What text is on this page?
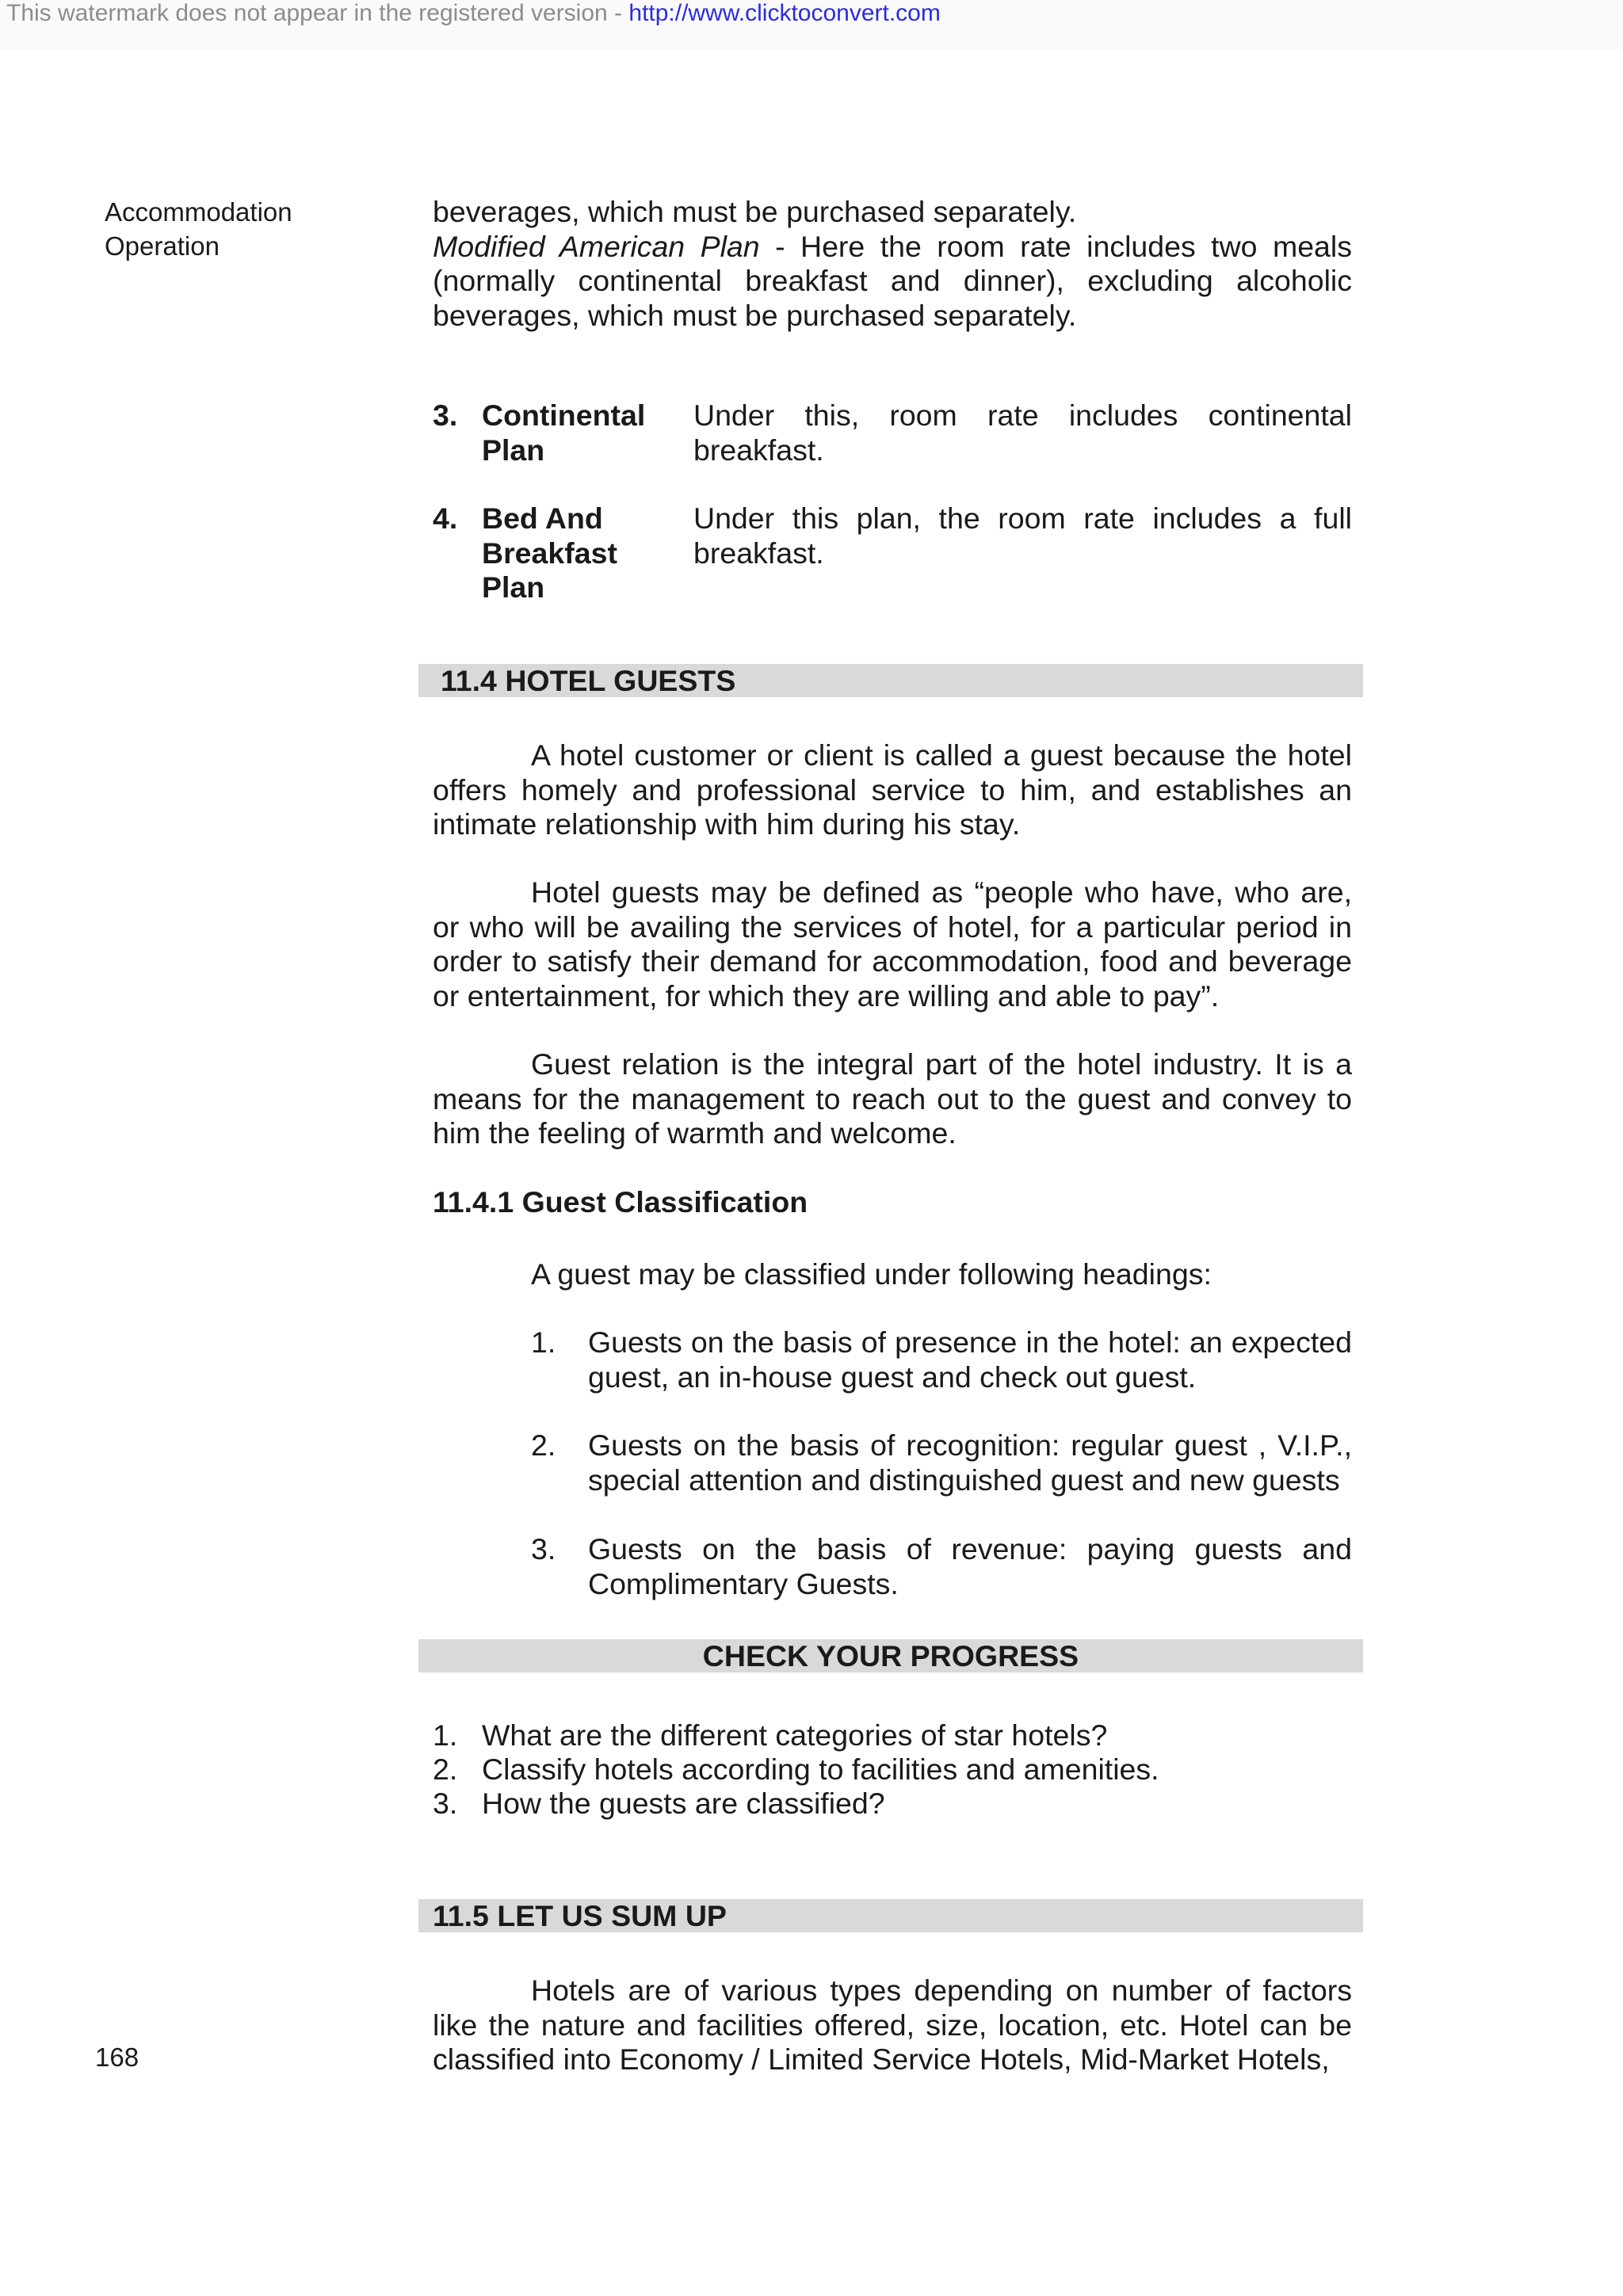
This watermark does not appear in the registered version - http://www.clicktoconvert.com
Accommodation
Operation
beverages, which must be purchased separately.
Modified American Plan - Here the room rate includes two meals (normally continental breakfast and dinner), excluding alcoholic beverages, which must be purchased separately.
3. Continental
Plan
Under this, room rate includes continental breakfast.
4. Bed And
Breakfast
Plan
Under this plan, the room rate includes a full breakfast.
11.4 HOTEL GUESTS
A hotel customer or client is called a guest because the hotel offers homely and professional service to him, and establishes an intimate relationship with him during his stay.
Hotel guests may be defined as “people who have, who are, or who will be availing the services of hotel, for a particular period in order to satisfy their demand for accommodation, food and beverage or entertainment, for which they are willing and able to pay”.
Guest relation is the integral part of the hotel industry. It is a means for the management to reach out to the guest and convey to him the feeling of warmth and welcome.
11.4.1 Guest Classification
A guest may be classified under following headings:
1. Guests on the basis of presence in the hotel: an expected guest, an in-house guest and check out guest.
2. Guests on the basis of recognition: regular guest , V.I.P., special attention and distinguished guest and new guests
3. Guests on the basis of revenue: paying guests and Complimentary Guests.
CHECK YOUR PROGRESS
1. What are the different categories of star hotels?
2. Classify hotels according to facilities and amenities.
3. How the guests are classified?
11.5 LET US SUM UP
Hotels are of various types depending on number of factors like the nature and facilities offered, size, location, etc. Hotel can be classified into Economy / Limited Service Hotels, Mid-Market Hotels,
168
